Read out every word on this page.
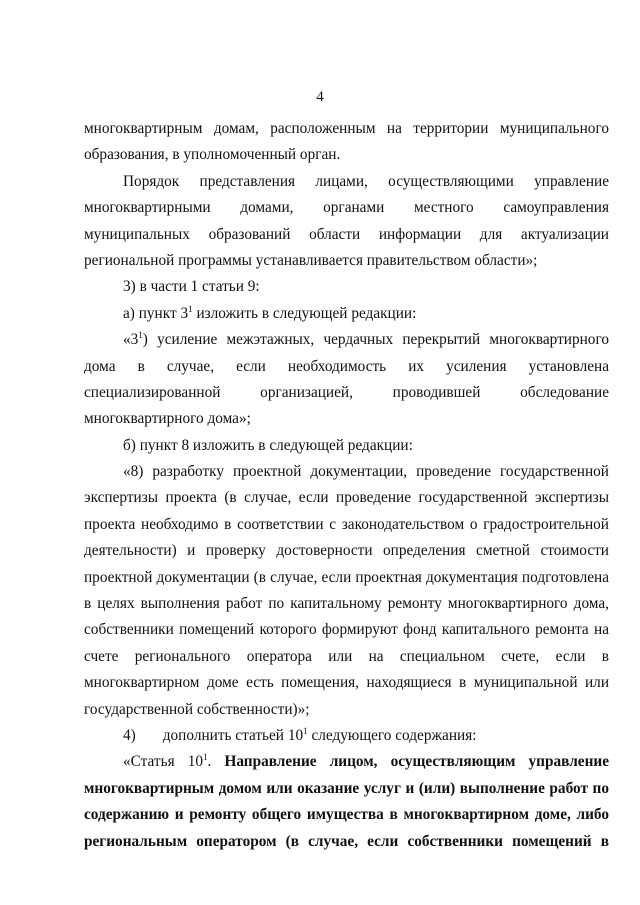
4
многоквартирным домам, расположенным на территории муниципального
образования, в уполномоченный орган.
Порядок представления лицами, осуществляющими управление
многоквартирными домами, органами местного самоуправления
муниципальных образований области информации для актуализации
региональной программы устанавливается правительством области»;
3) в части 1 статьи 9:
а) пункт $3^1$ изложить в следующей редакции:
«$3^1$) усиление межэтажных, чердачных перекрытий многоквартирного
дома в случае, если необходимость их усиления установлена
специализированной организацией, проводившей обследование
многоквартирного дома»;
б) пункт 8 изложить в следующей редакции:
«8) разработку проектной документации, проведение государственной
экспертизы проекта (в случае, если проведение государственной экспертизы
проекта необходимо в соответствии с законодательством о градостроительной
деятельности) и проверку достоверности определения сметной стоимости
проектной документации (в случае, если проектная документация подготовлена
в целях выполнения работ по капитальному ремонту многоквартирного дома,
собственники помещений которого формируют фонд капитального ремонта на
счете регионального оператора или на специальном счете, если в
многоквартирном доме есть помещения, находящиеся в муниципальной или
государственной собственности)»;
4) дополнить статьей $10^1$ следующего содержания:
«Статья $10^1$. Направление лицом, осуществляющим управление
многоквартирным домом или оказание услуг и (или) выполнение работ по
содержанию и ремонту общего имущества в многоквартирном доме, либо
региональным оператором (в случае, если собственники помещений в
